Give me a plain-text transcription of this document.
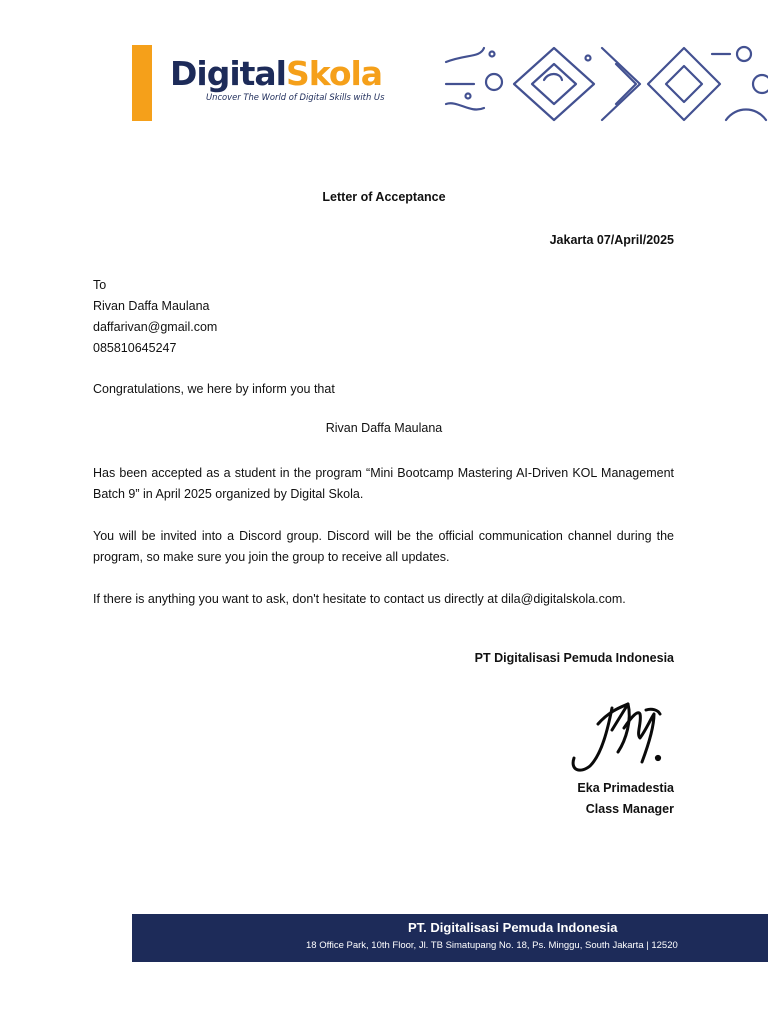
DigitalSkola
Uncover The World of Digital Skills with Us
Letter of Acceptance
Jakarta 07/April/2025
To
Rivan Daffa Maulana
daffarivan@gmail.com
085810645247
Congratulations, we here by inform you that
Rivan Daffa Maulana
Has been accepted as a student in the program “Mini Bootcamp Mastering AI-Driven KOL Management Batch 9” in April 2025 organized by Digital Skola.
You will be invited into a Discord group. Discord will be the official communication channel during the program, so make sure you join the group to receive all updates.
If there is anything you want to ask, don't hesitate to contact us directly at dila@digitalskola.com.
PT Digitalisasi Pemuda Indonesia
Eka Primadestia
Class Manager
PT. Digitalisasi Pemuda Indonesia
18 Office Park, 10th Floor, Jl. TB Simatupang No. 18, Ps. Minggu, South Jakarta | 12520
